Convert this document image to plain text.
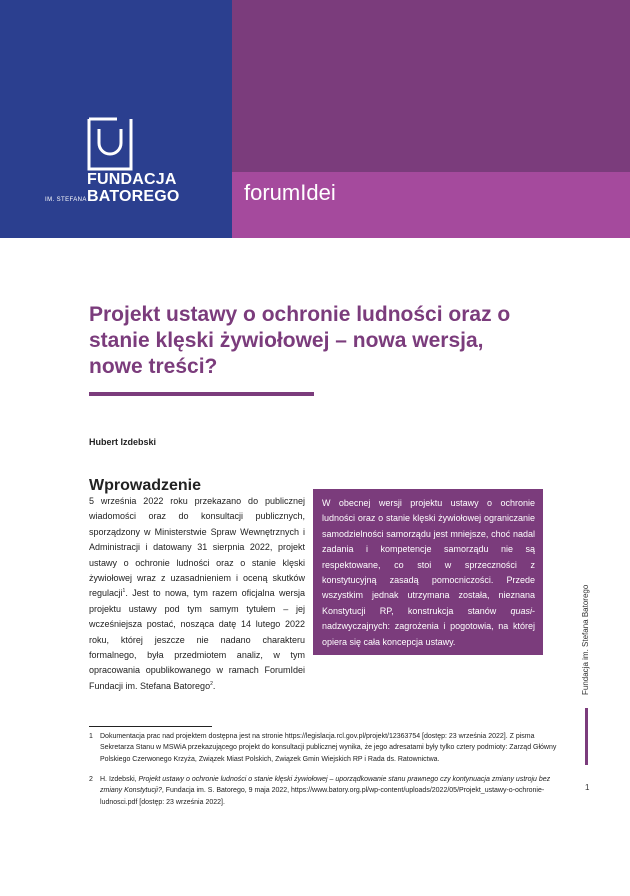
FUNDACJA
IM. STEFANA BATOREGO	forumIdei
Projekt ustawy o ochronie ludności oraz o stanie klęski żywiołowej – nowa wersja, nowe treści?
Hubert Izdebski
Wprowadzenie

5 września 2022 roku przekazano do publicznej wiadomości oraz do konsultacji publicznych, sporządzony w Ministerstwie Spraw Wewnętrznych i Administracji i datowany 31 sierpnia 2022, projekt ustawy o ochronie ludności oraz o stanie klęski żywiołowej wraz z uzasadnieniem i oceną skutków regulacji$^1$. Jest to nowa, tym razem oficjalna wersja projektu ustawy pod tym samym tytułem – jej wcześniejsza postać, nosząca datę 14 lutego 2022 roku, której jeszcze nie nadano charakteru formalnego, była przedmiotem analiz, w tym opracowania opublikowanego w ramach ForumIdei Fundacji im. Stefana Batorego$^2$.

W obecnej wersji projektu ustawy o ochronie ludności oraz o stanie klęski żywiołowej ograniczanie samodzielności samorządu jest mniejsze, choć nadal zadania i kompetencje samorządu nie są respektowane, co stoi w sprzeczności z konstytucyjną zasadą pomocniczości. Przede wszystkim jednak utrzymana została, nieznana Konstytucji RP, konstrukcja stanów quasi-nadzwyczajnych: zagrożenia i pogotowia, na której opiera się cała koncepcja ustawy.	Fundacja im. Stefana Batorego
1

1	Dokumentacja prac nad projektem dostępna jest na stronie https://legislacja.rcl.gov.pl/projekt/12363754 [dostęp: 23 września 2022]. Z pisma Sekretarza Stanu w MSWiA przekazującego projekt do konsultacji publicznej wynika, że jego adresatami były tylko cztery podmioty: Zarząd Główny Polskiego Czerwonego Krzyża, Związek Miast Polskich, Związek Gmin Wiejskich RP i Rada ds. Ratownictwa.

2	H. Izdebski, Projekt ustawy o ochronie ludności o stanie klęski żywiołowej – uporządkowanie stanu prawnego czy kontynuacja zmiany ustroju bez zmiany Konstytucji?, Fundacja im. S. Batorego, 9 maja 2022, https://www.batory.org.pl/wp-content/uploads/2022/05/Projekt_ustawy-o-ochronie-ludnosci.pdf [dostęp: 23 września 2022].
